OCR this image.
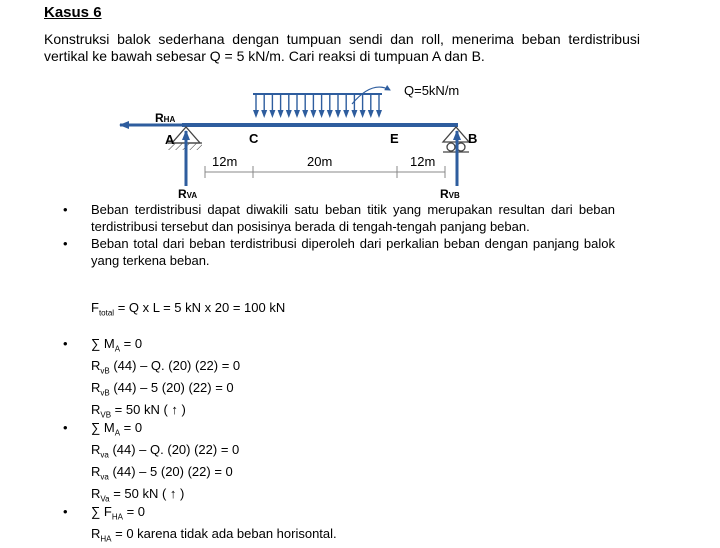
Kasus 6
Konstruksi balok sederhana dengan tumpuan sendi dan roll, menerima beban terdistribusi vertikal ke bawah sebesar Q = 5 kN/m. Cari reaksi di tumpuan A dan B.
Q=5kN/m
RHA
A	C	E	B
12m	20m	12m
RVA	RVB
• Beban terdistribusi dapat diwakili satu beban titik yang merupakan resultan dari beban terdistribusi tersebut dan posisinya berada di tengah-tengah panjang beban.
• Beban total dari beban terdistribusi diperoleh dari perkalian beban dengan panjang balok yang terkena beban.
$F_{total} = Q$ x L = 5 kN x 20 = 100 kN
• ∑ $M_A = 0$
$R_{vB}$ (44) – Q. (20) (22) = 0
$R_{vB}$ (44) – 5 (20) (22) = 0
$R_{VB} = 50$ kN ( ↑ )
• ∑ $M_A = 0$
$R_{va}$ (44) – Q. (20) (22) = 0
$R_{va}$ (44) – 5 (20) (22) = 0
$R_{Va} = 50$ kN ( ↑ )
• ∑ $F_{HA} = 0$
$R_{HA} = 0$ karena tidak ada beban horisontal.
